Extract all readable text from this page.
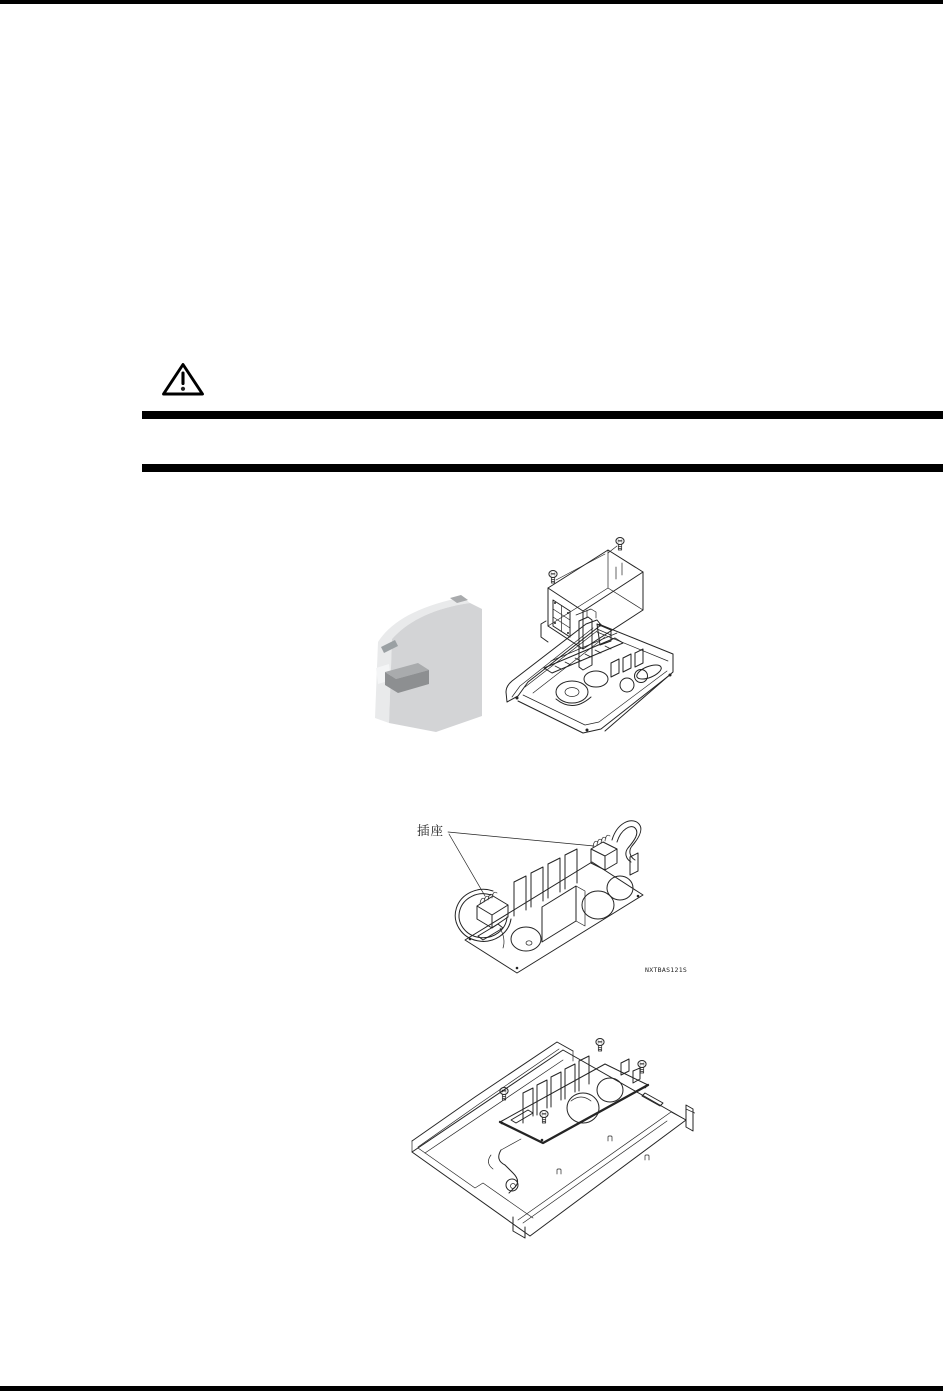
插座
NXTBAS121S
